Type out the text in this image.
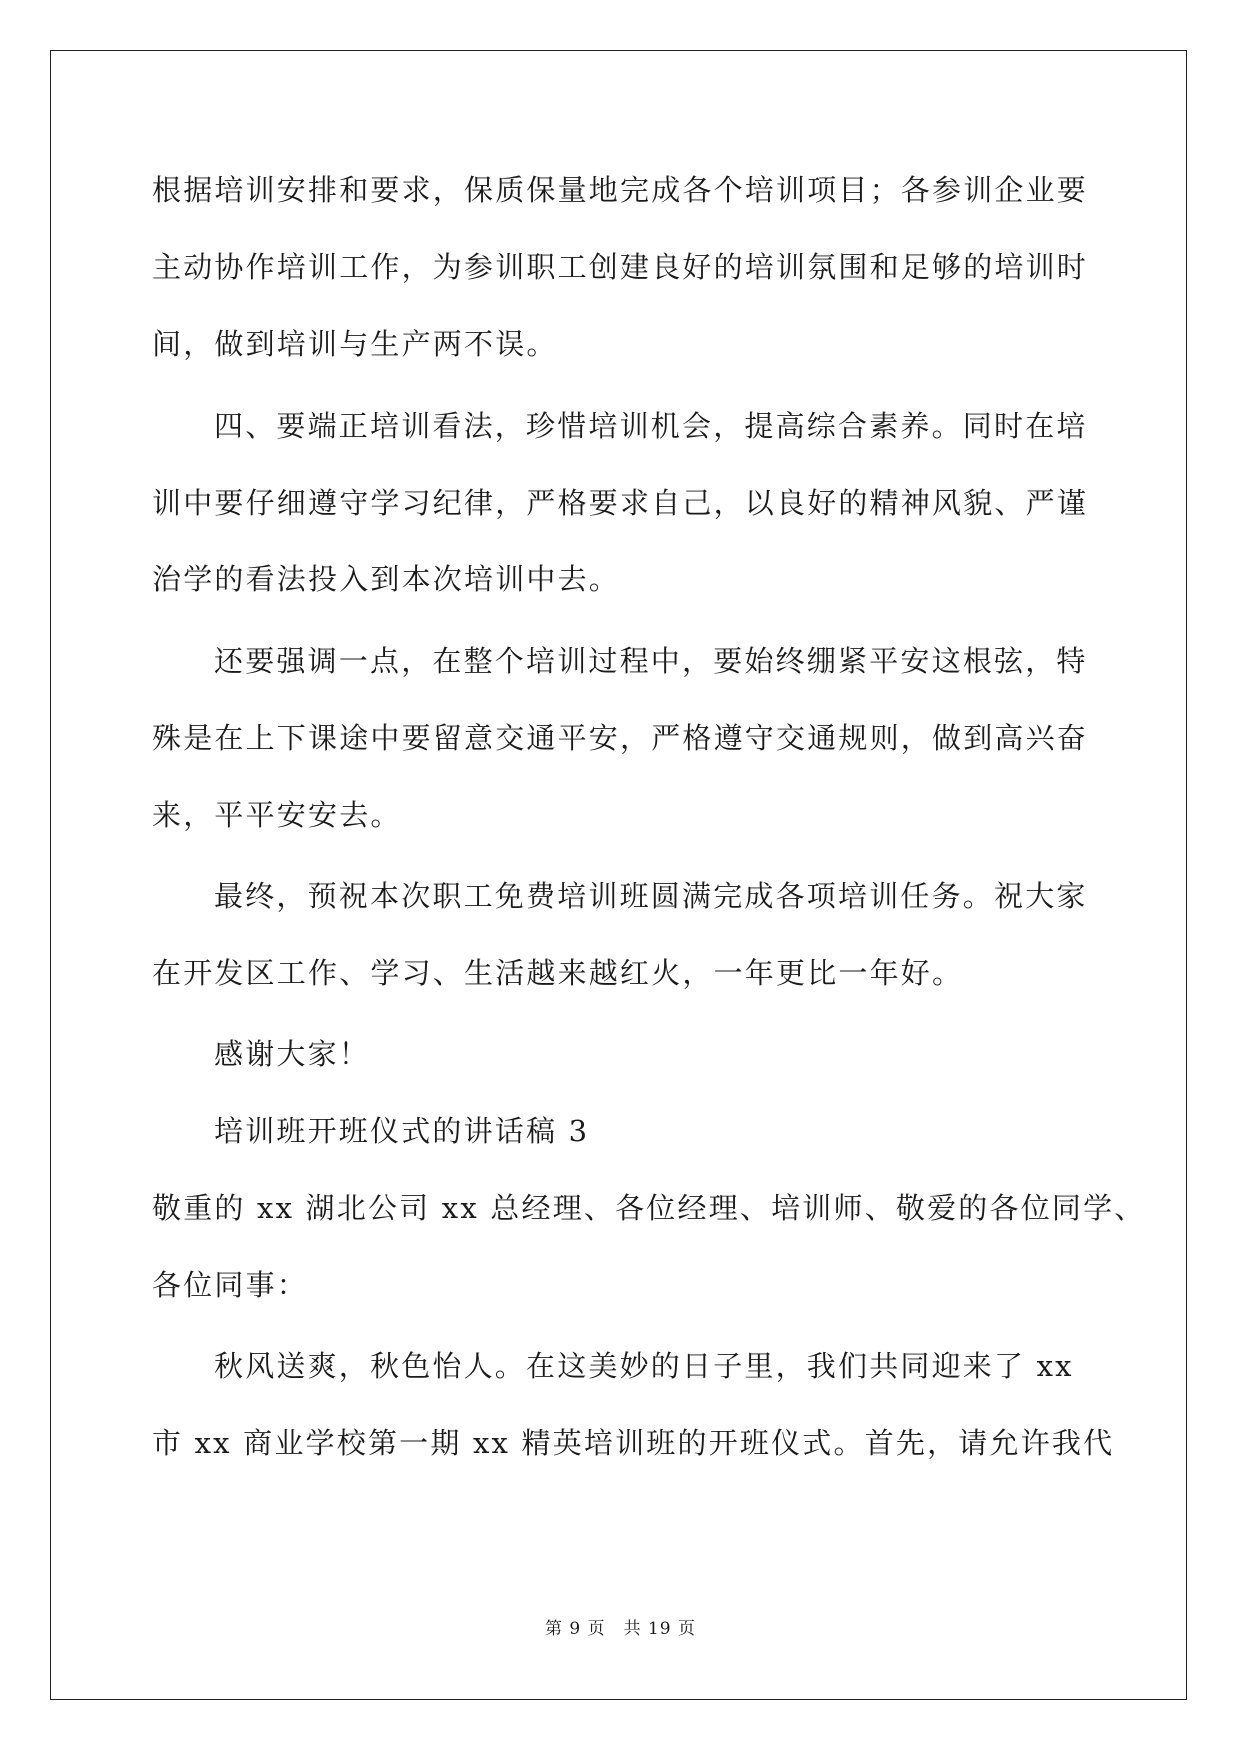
根据培训安排和要求，保质保量地完成各个培训项目；各参训企业要

主动协作培训工作，为参训职工创建良好的培训氛围和足够的培训时

间，做到培训与生产两不误。

四、要端正培训看法，珍惜培训机会，提高综合素养。同时在培

训中要仔细遵守学习纪律，严格要求自己，以良好的精神风貌、严谨

治学的看法投入到本次培训中去。

还要强调一点，在整个培训过程中，要始终绷紧平安这根弦，特

殊是在上下课途中要留意交通平安，严格遵守交通规则，做到高兴奋

来，平平安安去。

最终，预祝本次职工免费培训班圆满完成各项培训任务。祝大家

在开发区工作、学习、生活越来越红火，一年更比一年好。

感谢大家！

培训班开班仪式的讲话稿 3

敬重的 xx 湖北公司 xx 总经理、各位经理、培训师、敬爱的各位同学、

各位同事：

秋风送爽，秋色怡人。在这美妙的日子里，我们共同迎来了 xx

市 xx 商业学校第一期 xx 精英培训班的开班仪式。首先，请允许我代

第 9 页 共 19 页
